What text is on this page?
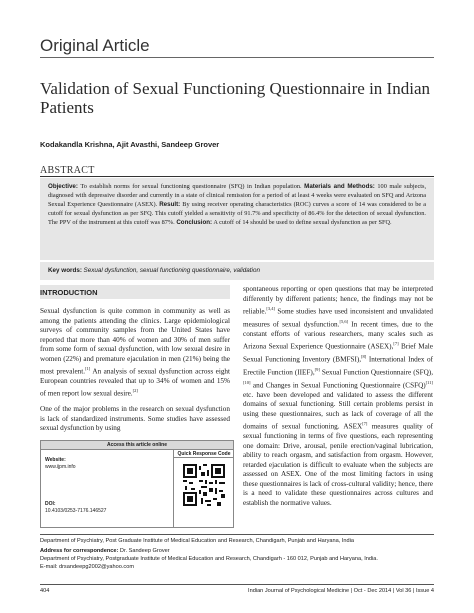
Original Article
Validation of Sexual Functioning Questionnaire in Indian Patients
Kodakandla Krishna, Ajit Avasthi, Sandeep Grover
ABSTRACT
Objective: To establish norms for sexual functioning questionnaire (SFQ) in Indian population. Materials and Methods: 100 male subjects, diagnosed with depressive disorder and currently in a state of clinical remission for a period of at least 4 weeks were evaluated on SFQ and Arizona Sexual Experience Questionnaire (ASEX). Result: By using receiver operating characteristics (ROC) curves a score of 14 was considered to be a cutoff for sexual dysfunction as per SFQ. This cutoff yielded a sensitivity of 91.7% and specificity of 86.4% for the detection of sexual dysfunction. The PPV of the instrument at this cutoff was 87%. Conclusion: A cutoff of 14 should be used to define sexual dysfunction as per SFQ.
Key words: Sexual dysfunction, sexual functioning questionnaire, validation
INTRODUCTION

Sexual dysfunction is quite common in community as well as among the patients attending the clinics. Large epidemiological surveys of community samples from the United States have reported that more than 40% of women and 30% of men suffer from some form of sexual dysfunction, with low sexual desire in women (22%) and premature ejaculation in men (21%) being the most prevalent.[1] An analysis of sexual dysfunction across eight European countries revealed that up to 34% of women and 15% of men report low sexual desire.[2]

One of the major problems in the research on sexual dysfunction is lack of standardized instruments. Some studies have assessed sexual dysfunction by using

spontaneous reporting or open questions that may be interpreted differently by different patients; hence, the findings may not be reliable.[3,4] Some studies have used inconsistent and unvalidated measures of sexual dysfunction.[5,6] In recent times, due to the constant efforts of various researchers, many scales such as Arizona Sexual Experience Questionnaire (ASEX),[7] Brief Male Sexual Functioning Inventory (BMFSI),[8] International Index of Erectile Function (IIEF),[9] Sexual Function Questionnaire (SFQ),[10] and Changes in Sexual Functioning Questionnaire (CSFQ)[11] etc. have been developed and validated to assess the different domains of sexual functioning. Still certain problems persist in using these questionnaires, such as lack of coverage of all the domains of sexual functioning. ASEX[7] measures quality of sexual functioning in terms of five questions, each representing one domain: Drive, arousal, penile erection/vaginal lubrication, ability to reach orgasm, and satisfaction from orgasm. However, retarded ejaculation is difficult to evaluate when the subjects are assessed on ASEX. One of the most limiting factors in using these questionnaires is lack of cross-cultural validity; hence, there is a need to validate these questionnaires across cultures and establish the normative values.

Access this article online
Website:
www.ijpm.info
DOI:
10.4103/0253-7176.146527
Quick Response Code
Department of Psychiatry, Post Graduate Institute of Medical Education and Research, Chandigarh, Punjab and Haryana, India
Address for correspondence: Dr. Sandeep Grover
Department of Psychiatry, Postgraduate Institute of Medical Education and Research, Chandigarh - 160 012, Punjab and Haryana, India.
E-mail: drsandeepg2002@yahoo.com
404	Indian Journal of Psychological Medicine | Oct - Dec 2014 | Vol 36 | Issue 4
